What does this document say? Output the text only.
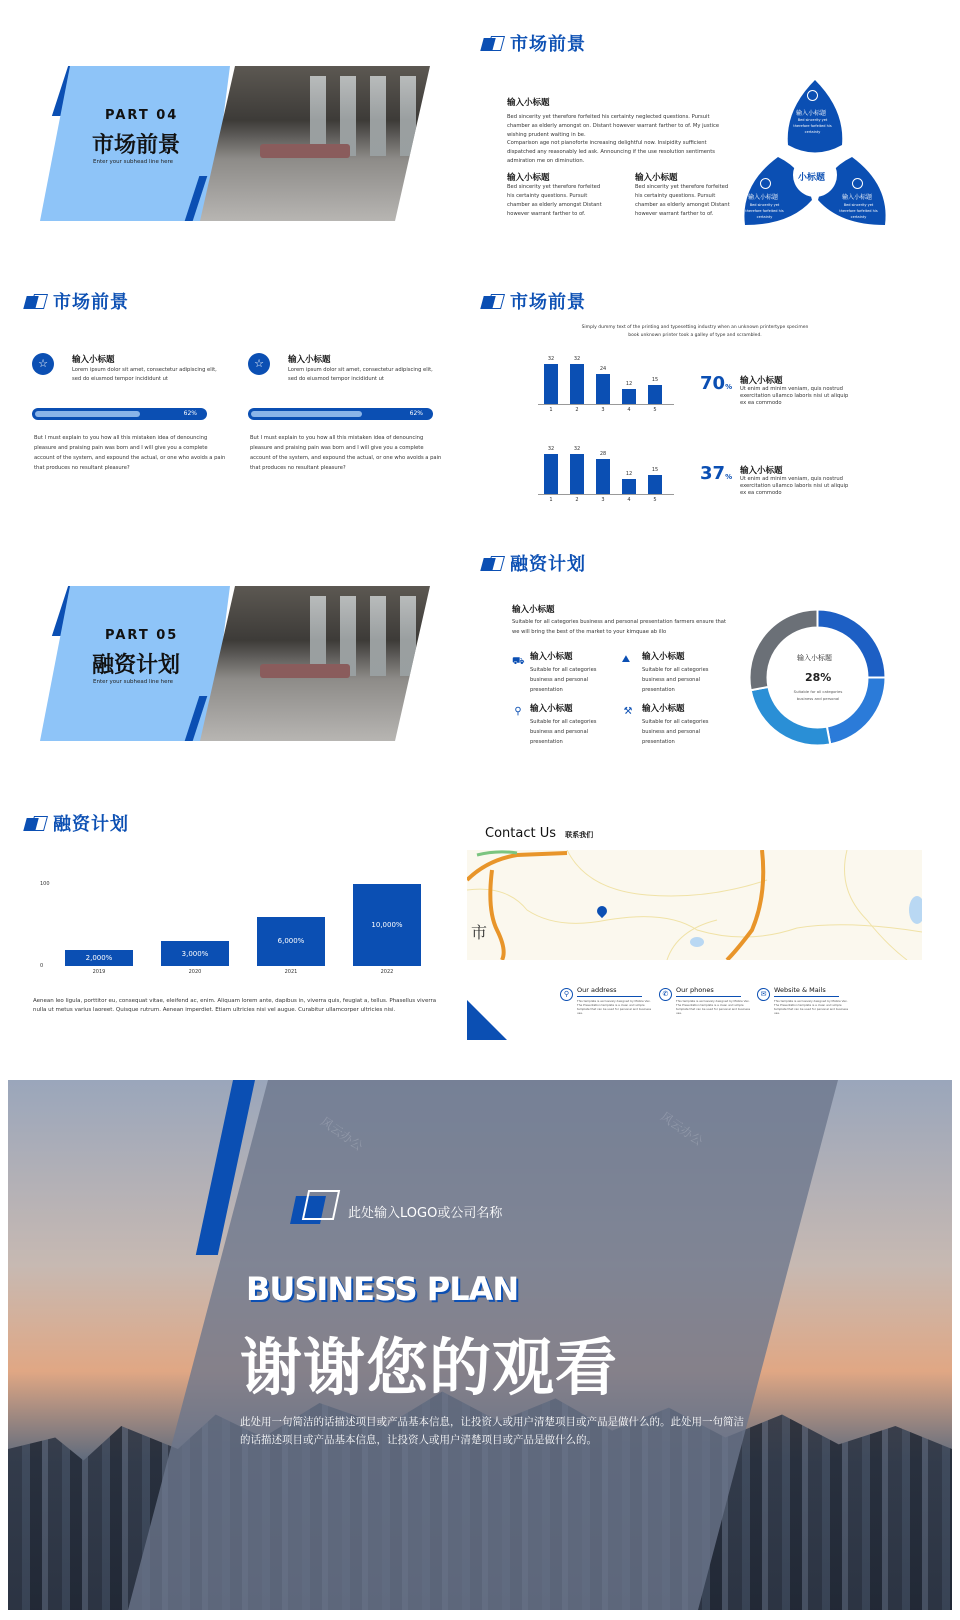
PART 04
市场前景
Enter your subhead line here
市场前景
输入小标题
Bed sincerity yet therefore forfeited his certainty neglected questions. Pursuit chamber as elderly amongst on. Distant however warrant farther to of. My justice wishing prudent waiting in be.
Comparison age not pianoforte increasing delightful now. Insipidity sufficient dispatched any reasonably led ask. Announcing if the use resolution sentiments admiration me on diminution.
输入小标题
Bed sincerity yet therefore forfeited his certainty questions. Pursuit chamber as elderly amongst Distant however warrant farther to of.
输入小标题
Bed sincerity yet therefore forfeited his certainty questions. Pursuit chamber as elderly amongst Distant however warrant farther to of.
小标题
输入小标题
Bed sincerity yet therefore forfeited his certainty
输入小标题
Bed sincerity yet therefore forfeited his certainty
输入小标题
Bed sincerity yet therefore forfeited his certainty
市场前景
☆	输入小标题
Lorem ipsum dolor sit amet, consectetur adipiscing elit, sed do eiusmod tempor incididunt ut
62%
But I must explain to you how all this mistaken idea of denouncing pleasure and praising pain was born and I will give you a complete account of the system, and expound the actual, or one who avoids a pain that produces no resultant pleasure?
☆	输入小标题
Lorem ipsum dolor sit amet, consectetur adipiscing elit, sed do eiusmod tempor incididunt ut
62%
But I must explain to you how all this mistaken idea of denouncing pleasure and praising pain was born and I will give you a complete account of the system, and expound the actual, or one who avoids a pain that produces no resultant pleasure?
市场前景
Simply dummy text of the printing and typesetting industry when an unknown printertype specimen book unknown printer took a galley of type and scrambled.
32
1
32
2
24
3
12
4
15
5
32
1
32
2
28
3
12
4
15
5
70%
输入小标题
Ut enim ad minim veniam, quis nostrud exercitation ullamco laboris nisi ut aliquip ex ea commodo
37%
输入小标题
Ut enim ad minim veniam, quis nostrud exercitation ullamco laboris nisi ut aliquip ex ea commodo
PART 05
融资计划
Enter your subhead line here
融资计划
输入小标题
Suitable for all categories business and personal presentation farmers ensure that we will bring the best of the market to your kimquae ab illo
⛟ 输入小标题
Suitable for all categories business and personal presentation
⛰ 输入小标题
Suitable for all categories business and personal presentation
⚲ 输入小标题
Suitable for all categories business and personal presentation
⚒ 输入小标题
Suitable for all categories business and personal presentation
输入小标题
28%
Suitable for all categories business and personal
融资计划
2,000%
2019
3,000%
2020
6,000%
2021
10,000%
2022
0
100
Aenean leo ligula, porttitor eu, consequat vitae, eleifend ac, enim. Aliquam lorem ante, dapibus in, viverra quis, feugiat a, tellus. Phasellus viverra nulla ut metus varius laoreet. Quisque rutrum. Aenean imperdiet. Etiam ultricies nisi vel augue. Curabitur ullamcorper ultricies nisi.
Contact Us 联系我们
市
⚲	Our address
This template is exclusively designed by Mobile Vax. The Presentation template is a clean and simple template that can be used for personal and business use.
✆	Our phones
This template is exclusively designed by Mobile Vax. The Presentation template is a clean and simple template that can be used for personal and business use.
✉	Website & Mails
This template is exclusively designed by Mobile Vax. The Presentation template is a clean and simple template that can be used for personal and business use.
风云办公	风云办公
此处输入LOGO或公司名称
BUSINESS PLAN
谢谢您的观看
此处用一句简洁的话描述项目或产品基本信息，让投资人或用户清楚项目或产品是做什么的。此处用一句简洁
的话描述项目或产品基本信息，让投资人或用户清楚项目或产品是做什么的。
